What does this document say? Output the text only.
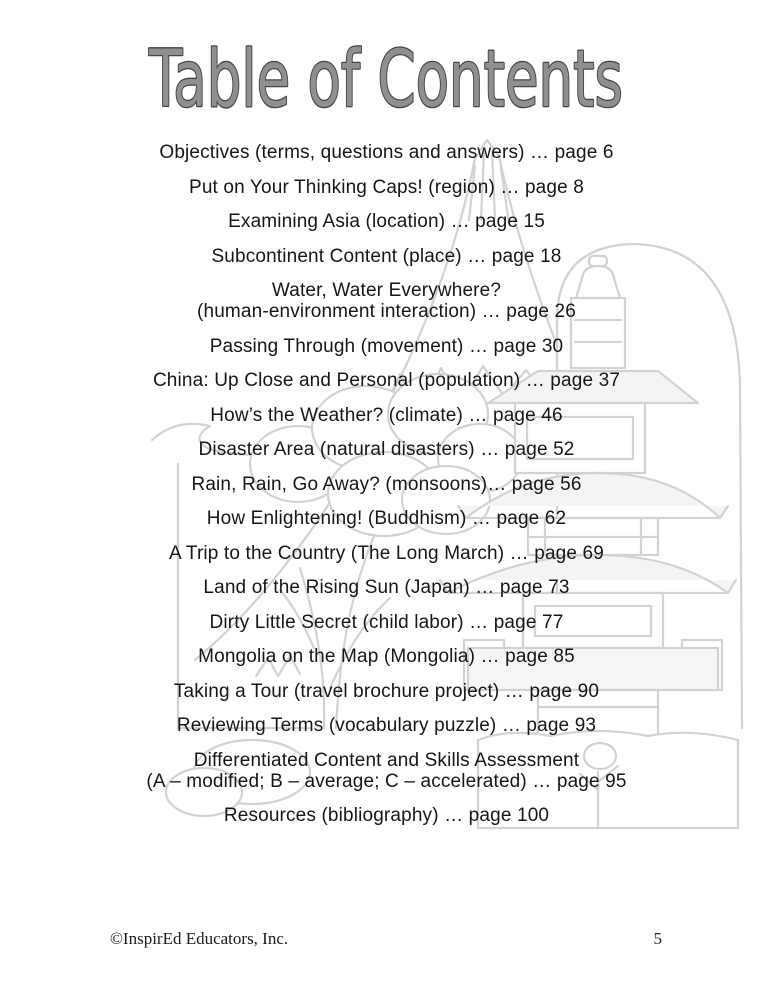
Table of Contents
Objectives (terms, questions and answers) … page 6
Put on Your Thinking Caps! (region) … page 8
Examining Asia (location) … page 15
Subcontinent Content (place) … page 18
Water, Water Everywhere?
(human-environment interaction) … page 26
Passing Through (movement) … page 30
China: Up Close and Personal (population) … page 37
How’s the Weather? (climate) … page 46
Disaster Area (natural disasters) … page 52
Rain, Rain, Go Away? (monsoons)… page 56
How Enlightening! (Buddhism) … page 62
A Trip to the Country (The Long March) … page 69
Land of the Rising Sun (Japan) … page 73
Dirty Little Secret (child labor) … page 77
Mongolia on the Map (Mongolia) … page 85
Taking a Tour (travel brochure project) … page 90
Reviewing Terms (vocabulary puzzle) … page 93
Differentiated Content and Skills Assessment
(A – modified; B – average; C – accelerated) … page 95
Resources (bibliography) … page 100
©InspirEd Educators, Inc.	5
